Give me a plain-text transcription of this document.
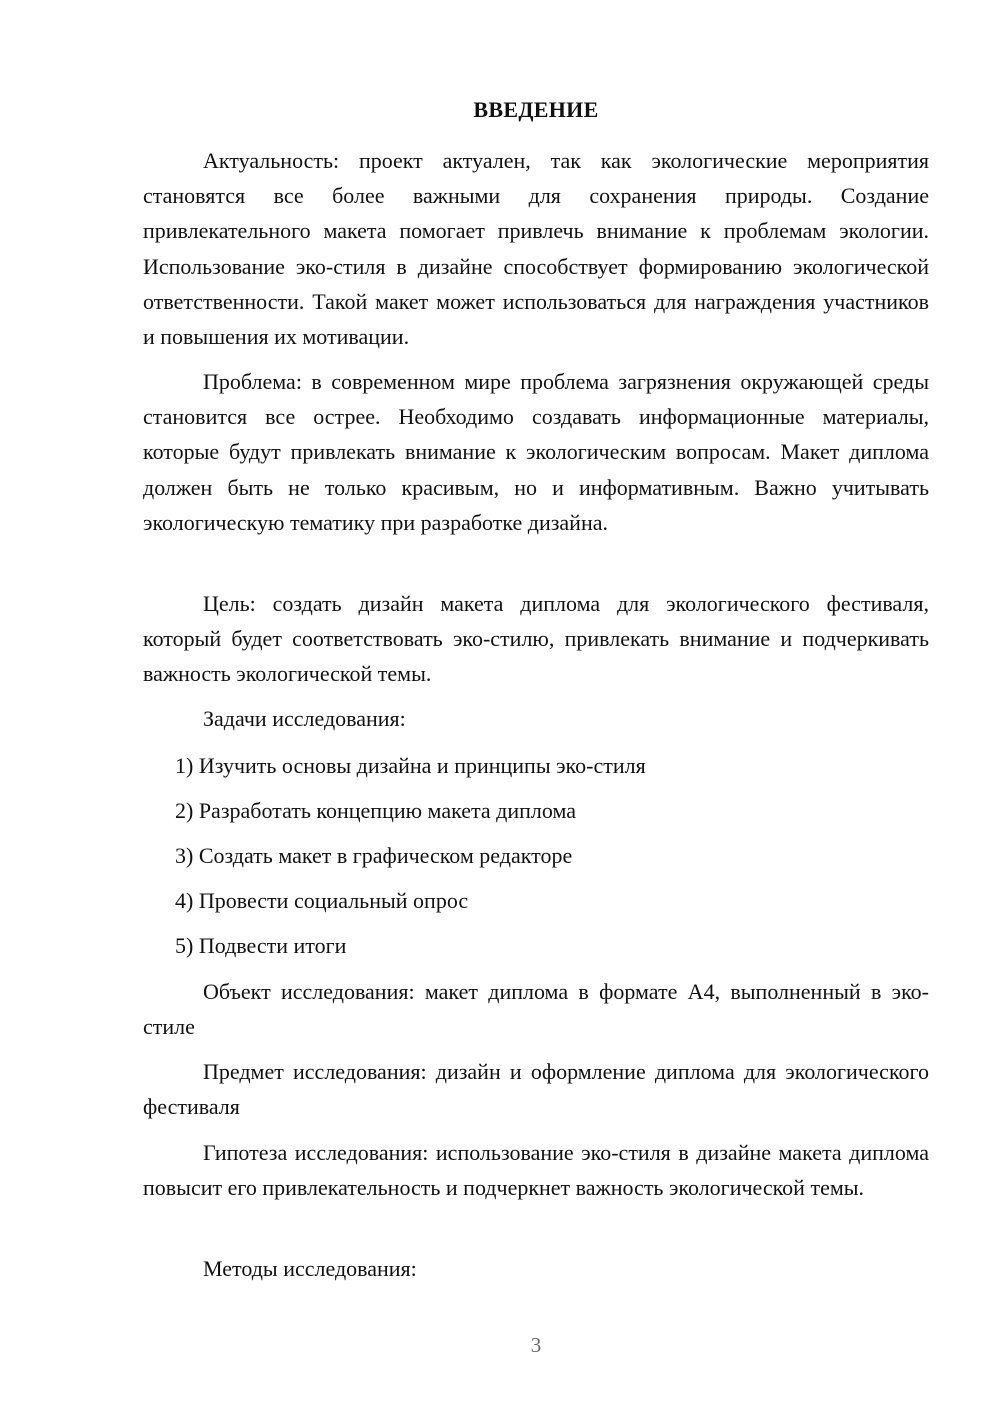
ВВЕДЕНИЕ

Актуальность: проект актуален, так как экологические мероприятия становятся все более важными для сохранения природы. Создание привлекательного макета помогает привлечь внимание к проблемам экологии. Использование эко-стиля в дизайне способствует формированию экологической ответственности. Такой макет может использоваться для награждения участников и повышения их мотивации.

Проблема: в современном мире проблема загрязнения окружающей среды становится все острее. Необходимо создавать информационные материалы, которые будут привлекать внимание к экологическим вопросам. Макет диплома должен быть не только красивым, но и информативным. Важно учитывать экологическую тематику при разработке дизайна.

Цель: создать дизайн макета диплома для экологического фестиваля, который будет соответствовать эко-стилю, привлекать внимание и подчеркивать важность экологической темы.

Задачи исследования:

1) Изучить основы дизайна и принципы эко-стиля

2) Разработать концепцию макета диплома

3) Создать макет в графическом редакторе

4) Провести социальный опрос

5) Подвести итоги

Объект исследования: макет диплома в формате А4, выполненный в эко-стиле

Предмет исследования: дизайн и оформление диплома для экологического фестиваля

Гипотеза исследования: использование эко-стиля в дизайне макета диплома повысит его привлекательность и подчеркнет важность экологической темы.

Методы исследования:

3
